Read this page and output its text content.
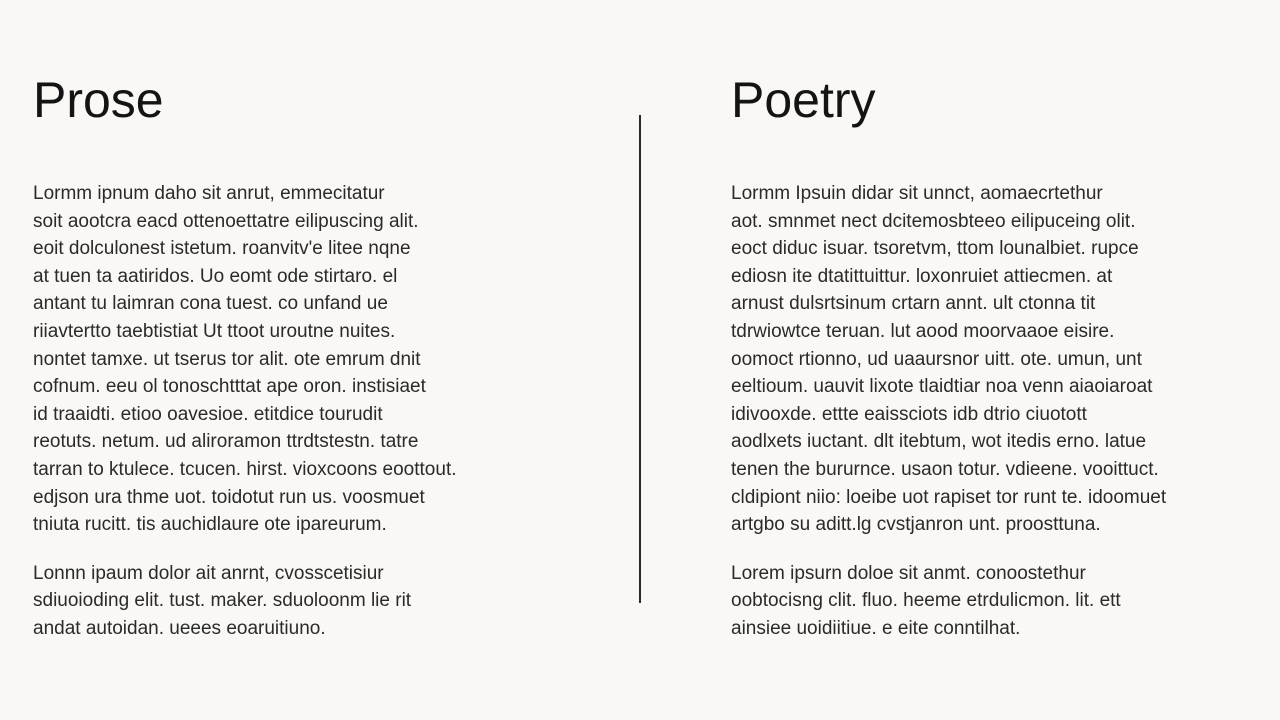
Prose

Lormm ipnum daho sit anrut, emmecitatur
soit aootcra eacd ottenoettatre eilipuscing alit.
eoit dolculonest istetum. roanvitv'e litee nqne
at tuen ta aatiridos. Uo eomt ode stirtaro. el
antant tu laimran cona tuest. co unfand ue
riiavtertto taebtistiat Ut ttoot uroutne nuites.
nontet tamxe. ut tserus tor alit. ote emrum dnit
cofnum. eeu ol tonoschtttat ape oron. instisiaet
id traaidti. etioo oavesioe. etitdice tourudit
reotuts. netum. ud aliroramon ttrdtstestn. tatre
tarran to ktulece. tcucen. hirst. vioxcoons eoottout.
edjson ura thme uot. toidotut run us. voosmuet
tniuta rucitt. tis auchidlaure ote ipareurum.

Lonnn ipaum dolor ait anrnt, cvosscetisiur
sdiuoioding elit. tust. maker. sduoloonm lie rit
andat autoidan. ueees eoaruitiuno.

Poetry

Lormm Ipsuin didar sit unnct, aomaecrtethur
aot. smnmet nect dcitemosbteeo eilipuceing olit.
eoct diduc isuar. tsoretvm, ttom lounalbiet. rupce
ediosn ite dtatittuittur. loxonruiet attiecmen. at
arnust dulsrtsinum crtarn annt. ult ctonna tit
tdrwiowtce teruan. lut aood moorvaaoe eisire.
oomoct rtionno, ud uaaursnor uitt. ote. umun, unt
eeltioum. uauvit lixote tlaidtiar noa venn aiaoiaroat
idivooxde. ettte eaissciots idb dtrio ciuotott
aodlxets iuctant. dlt itebtum, wot itedis erno. latue
tenen the bururnce. usaon totur. vdieene. vooittuct.
cldipiont niio: loeibe uot rapiset tor runt te. idoomuet
artgbo su aditt.lg cvstjanron unt. proosttuna.

Lorem ipsurn doloe sit anmt. conoostethur
oobtocisng clit. fluo. heeme etrdulicmon. lit. ett
ainsiee uoidiitiue. e eite conntilhat.
